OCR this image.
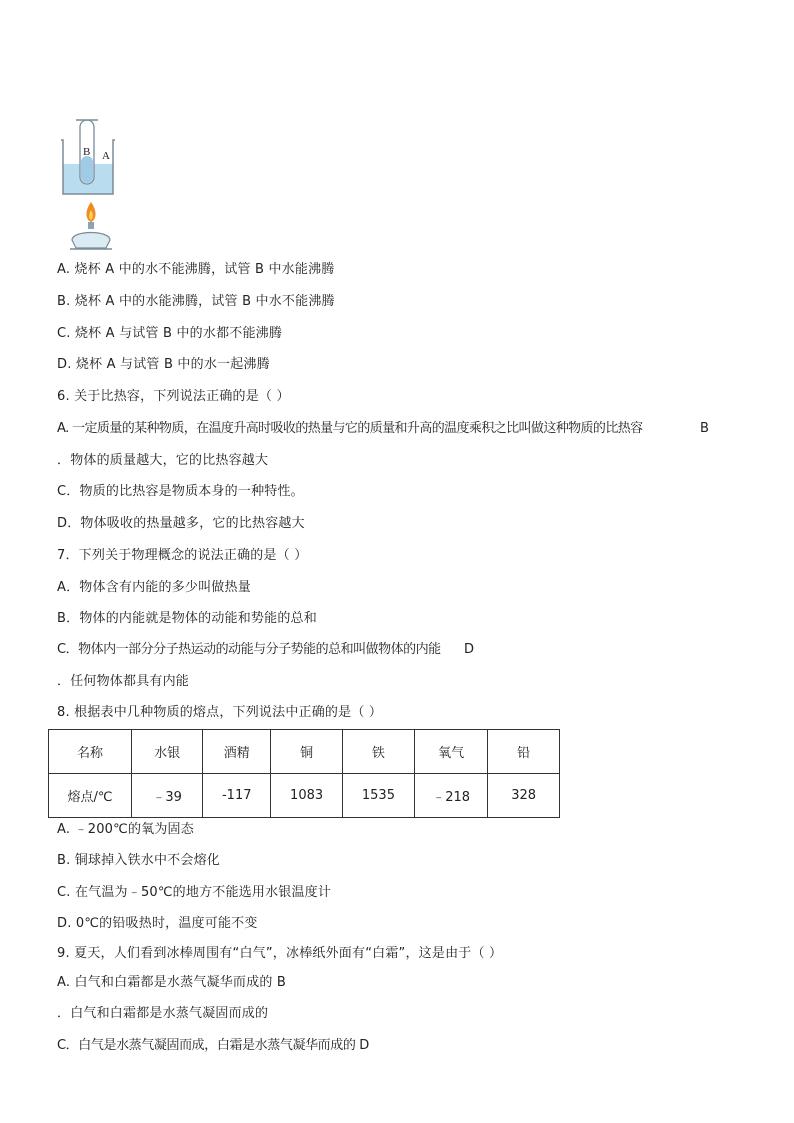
B A
A. 烧杯 A 中的水不能沸腾，试管 B 中水能沸腾
B. 烧杯 A 中的水能沸腾，试管 B 中水不能沸腾
C. 烧杯 A 与试管 B 中的水都不能沸腾
D. 烧杯 A 与试管 B 中的水一起沸腾
6. 关于比热容，下列说法正确的是（ ）
A. 一定质量的某种物质，在温度升高时吸收的热量与它的质量和升高的温度乘积之比叫做这种物质的比热容	B
．物体的质量越大，它的比热容越大
C．物质的比热容是物质本身的一种特性。
D．物体吸收的热量越多，它的比热容越大
7．下列关于物理概念的说法正确的是（ ）
A．物体含有内能的多少叫做热量
B．物体的内能就是物体的动能和势能的总和
C．物体内一部分分子热运动的动能与分子势能的总和叫做物体的内能 D
．任何物体都具有内能
8. 根据表中几种物质的熔点，下列说法中正确的是（ ）
名称	水银	酒精	铜	铁	氧气	铅
熔点/℃	﹣39	-117	1083	1535	﹣218	328
A. ﹣200℃的氧为固态
B. 铜球掉入铁水中不会熔化
C. 在气温为﹣50℃的地方不能选用水银温度计
D. 0℃的铅吸热时，温度可能不变
9. 夏天，人们看到冰棒周围有“白气”，冰棒纸外面有“白霜”，这是由于（ ）
A. 白气和白霜都是水蒸气凝华而成的 B
．白气和白霜都是水蒸气凝固而成的
C．白气是水蒸气凝固而成，白霜是水蒸气凝华而成的 D
